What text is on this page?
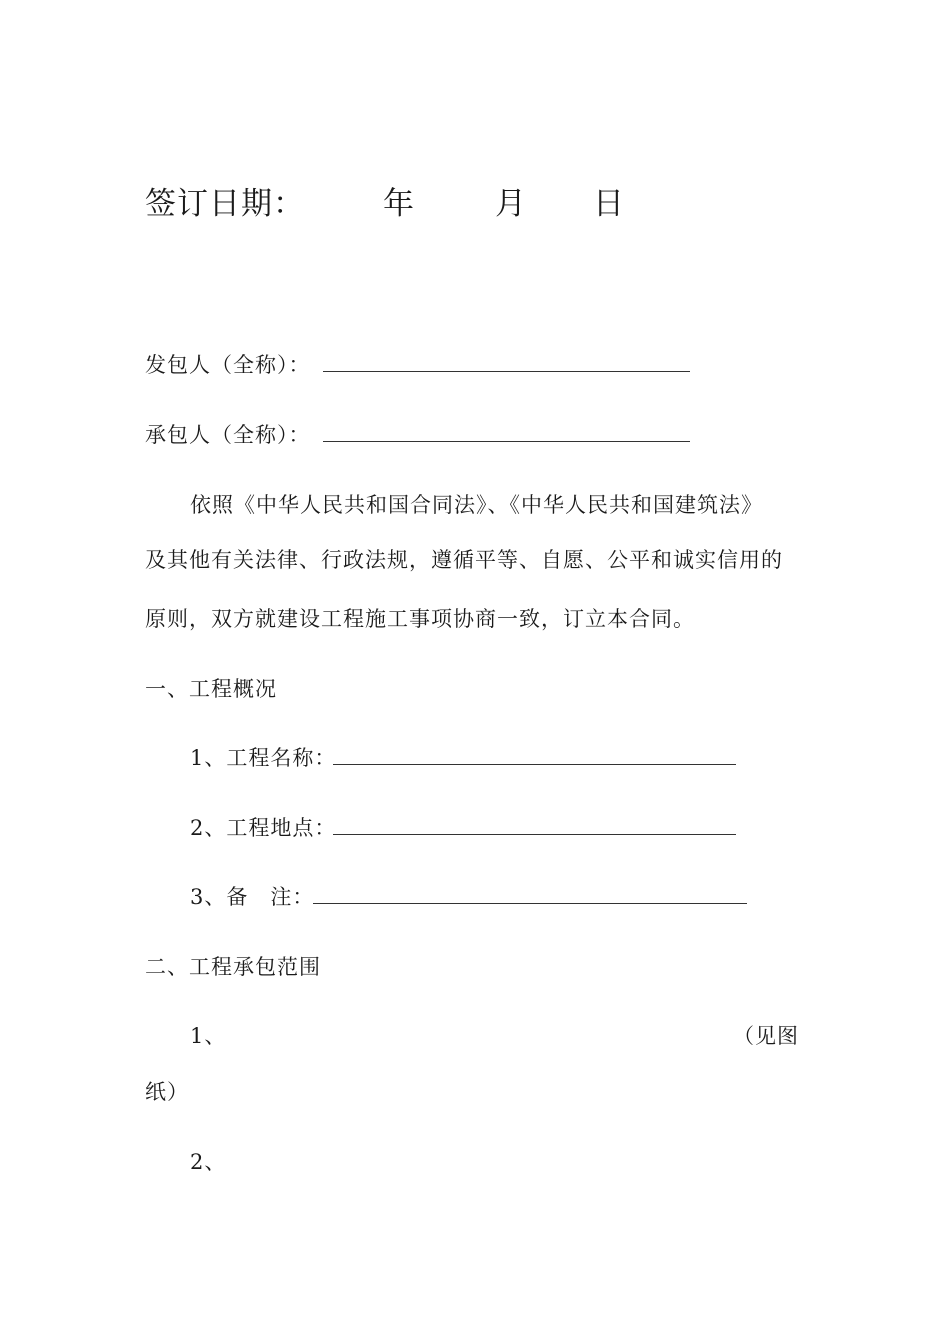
签订日期：	年	月 日
发包人（全称）：
承包人（全称）：
依照《中华人民共和国合同法》、《中华人民共和国建筑法》
及其他有关法律、行政法规，遵循平等、自愿、公平和诚实信用的
原则，双方就建设工程施工事项协商一致，订立本合同。
一、工程概况
1、工程名称：
2、工程地点：
3、备　注：
二、工程承包范围
1、	（见图
纸）
2、
